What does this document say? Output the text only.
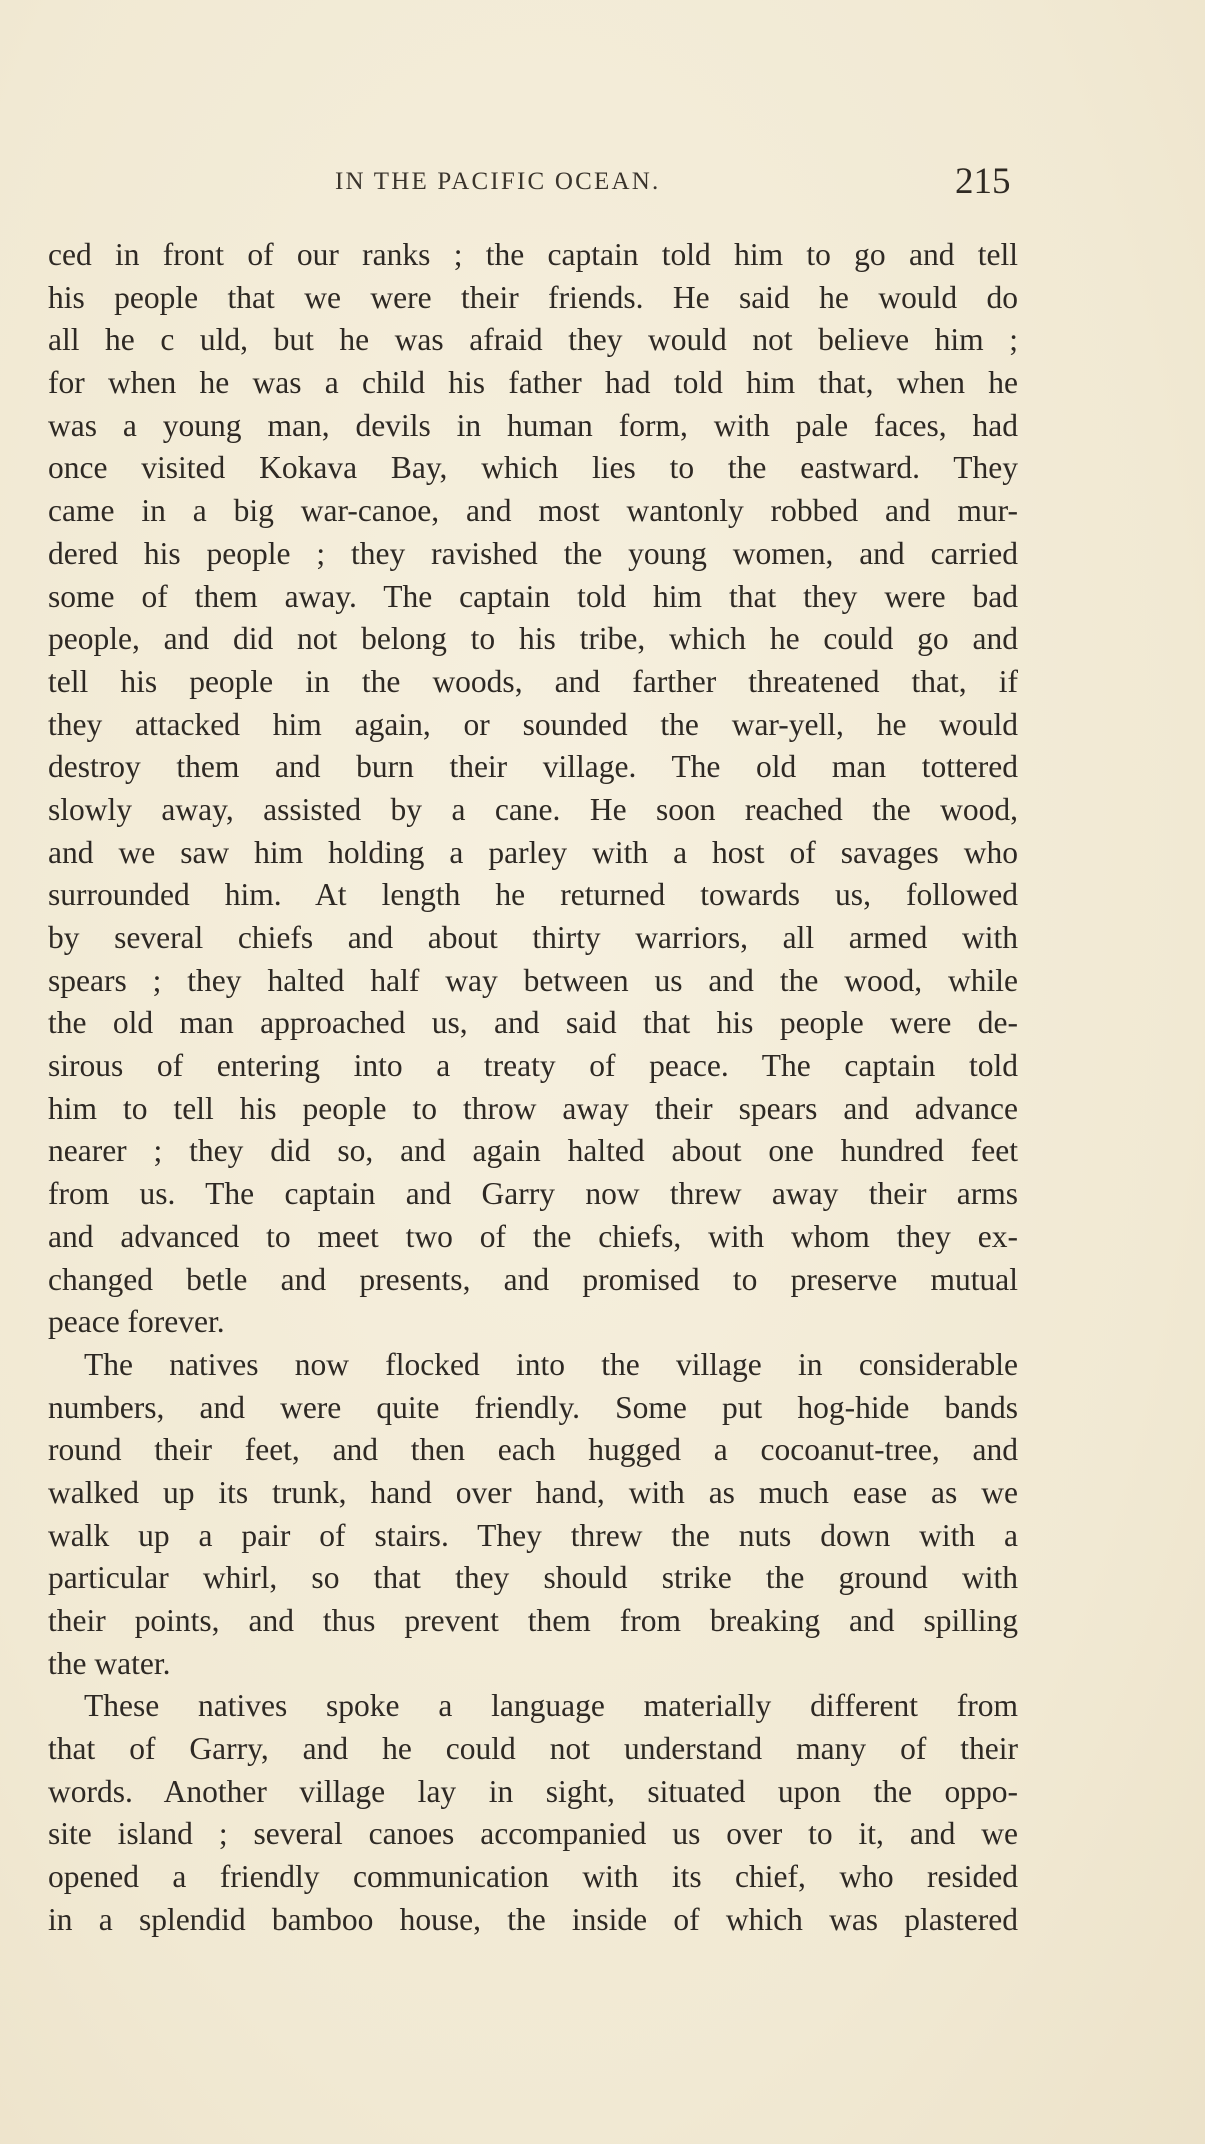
IN THE PACIFIC OCEAN.	215
ced in front of our ranks ; the captain told him to go and tell
his people that we were their friends. He said he would do
all he c uld, but he was afraid they would not believe him ;
for when he was a child his father had told him that, when he
was a young man, devils in human form, with pale faces, had
once visited Kokava Bay, which lies to the eastward. They
came in a big war-canoe, and most wantonly robbed and mur-
dered his people ; they ravished the young women, and carried
some of them away. The captain told him that they were bad
people, and did not belong to his tribe, which he could go and
tell his people in the woods, and farther threatened that, if
they attacked him again, or sounded the war-yell, he would
destroy them and burn their village. The old man tottered
slowly away, assisted by a cane. He soon reached the wood,
and we saw him holding a parley with a host of savages who
surrounded him. At length he returned towards us, followed
by several chiefs and about thirty warriors, all armed with
spears ; they halted half way between us and the wood, while
the old man approached us, and said that his people were de-
sirous of entering into a treaty of peace. The captain told
him to tell his people to throw away their spears and advance
nearer ; they did so, and again halted about one hundred feet
from us. The captain and Garry now threw away their arms
and advanced to meet two of the chiefs, with whom they ex-
changed betle and presents, and promised to preserve mutual
peace forever.
The natives now flocked into the village in considerable
numbers, and were quite friendly. Some put hog-hide bands
round their feet, and then each hugged a cocoanut-tree, and
walked up its trunk, hand over hand, with as much ease as we
walk up a pair of stairs. They threw the nuts down with a
particular whirl, so that they should strike the ground with
their points, and thus prevent them from breaking and spilling
the water.
These natives spoke a language materially different from
that of Garry, and he could not understand many of their
words. Another village lay in sight, situated upon the oppo-
site island ; several canoes accompanied us over to it, and we
opened a friendly communication with its chief, who resided
in a splendid bamboo house, the inside of which was plastered
